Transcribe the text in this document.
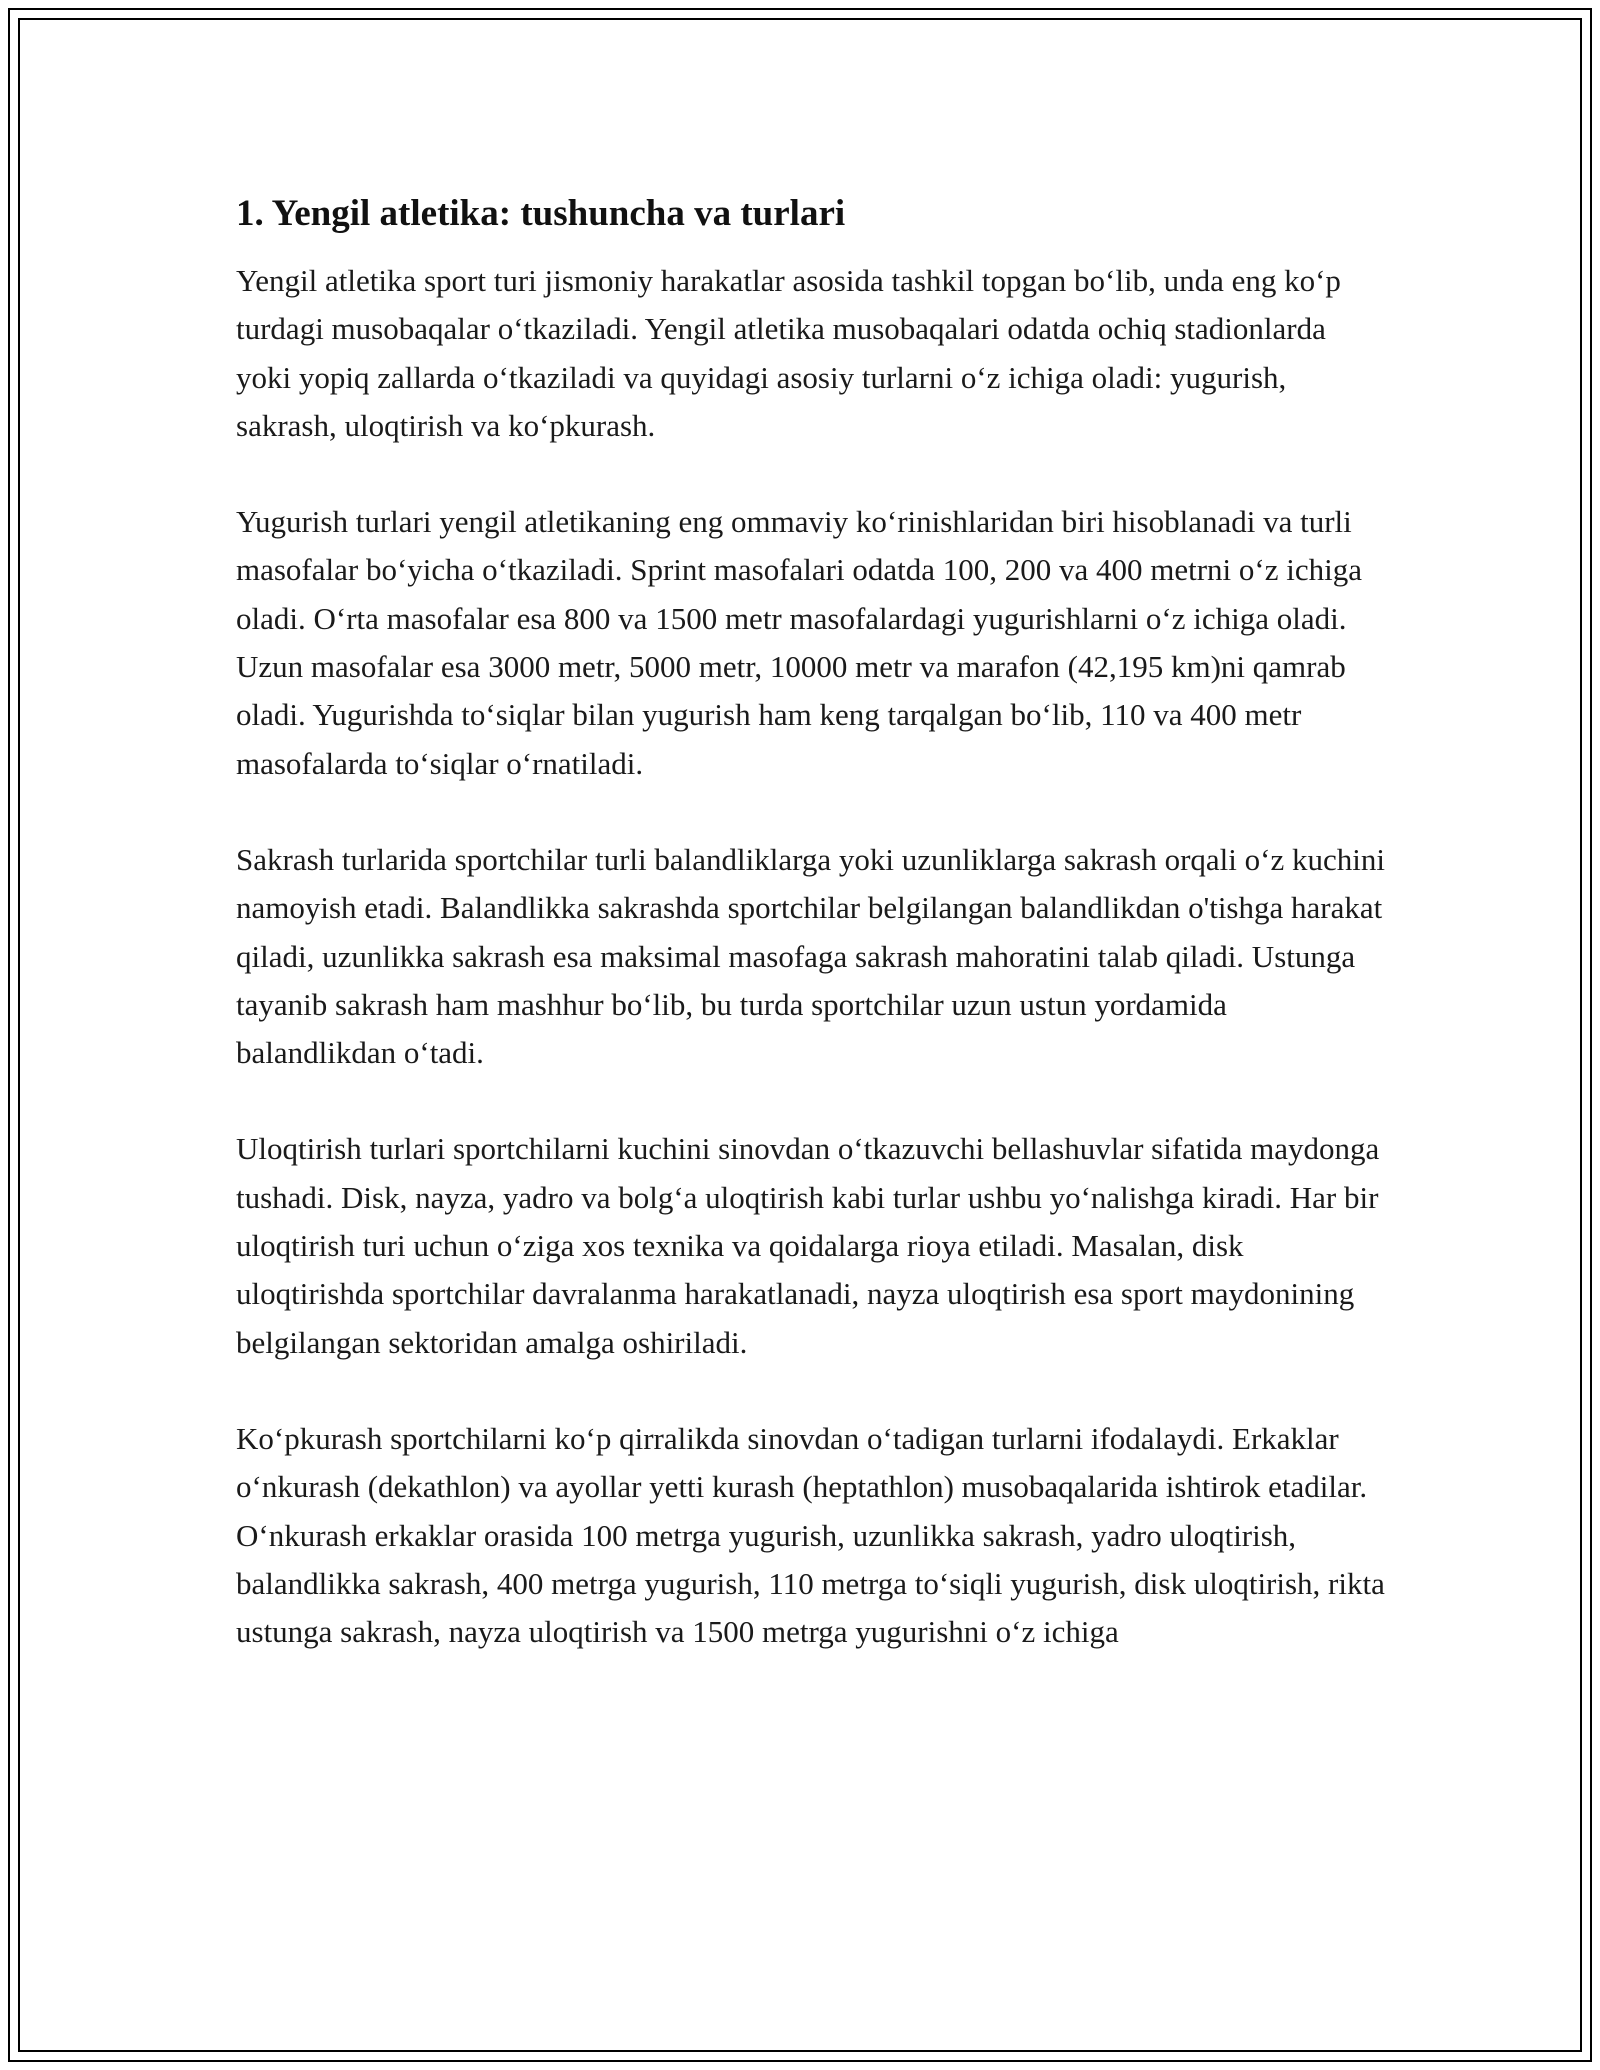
1. Yengil atletika: tushuncha va turlari

Yengil atletika sport turi jismoniy harakatlar asosida tashkil topgan bo‘lib, unda eng ko‘p turdagi musobaqalar o‘tkaziladi. Yengil atletika musobaqalari odatda ochiq stadionlarda yoki yopiq zallarda o‘tkaziladi va quyidagi asosiy turlarni o‘z ichiga oladi: yugurish, sakrash, uloqtirish va ko‘pkurash.

Yugurish turlari yengil atletikaning eng ommaviy ko‘rinishlaridan biri hisoblanadi va turli masofalar bo‘yicha o‘tkaziladi. Sprint masofalari odatda 100, 200 va 400 metrni o‘z ichiga oladi. O‘rta masofalar esa 800 va 1500 metr masofalardagi yugurishlarni o‘z ichiga oladi. Uzun masofalar esa 3000 metr, 5000 metr, 10000 metr va marafon (42,195 km)ni qamrab oladi. Yugurishda to‘siqlar bilan yugurish ham keng tarqalgan bo‘lib, 110 va 400 metr masofalarda to‘siqlar o‘rnatiladi.

Sakrash turlarida sportchilar turli balandliklarga yoki uzunliklarga sakrash orqali o‘z kuchini namoyish etadi. Balandlikka sakrashda sportchilar belgilangan balandlikdan o'tishga harakat qiladi, uzunlikka sakrash esa maksimal masofaga sakrash mahoratini talab qiladi. Ustunga tayanib sakrash ham mashhur bo‘lib, bu turda sportchilar uzun ustun yordamida balandlikdan o‘tadi.

Uloqtirish turlari sportchilarni kuchini sinovdan o‘tkazuvchi bellashuvlar sifatida maydonga tushadi. Disk, nayza, yadro va bolg‘a uloqtirish kabi turlar ushbu yo‘nalishga kiradi. Har bir uloqtirish turi uchun o‘ziga xos texnika va qoidalarga rioya etiladi. Masalan, disk uloqtirishda sportchilar davralanma harakatlanadi, nayza uloqtirish esa sport maydonining belgilangan sektoridan amalga oshiriladi.

Ko‘pkurash sportchilarni ko‘p qirralikda sinovdan o‘tadigan turlarni ifodalaydi. Erkaklar o‘nkurash (dekathlon) va ayollar yetti kurash (heptathlon) musobaqalarida ishtirok etadilar. O‘nkurash erkaklar orasida 100 metrga yugurish, uzunlikka sakrash, yadro uloqtirish, balandlikka sakrash, 400 metrga yugurish, 110 metrga to‘siqli yugurish, disk uloqtirish, rikta ustunga sakrash, nayza uloqtirish va 1500 metrga yugurishni o‘z ichiga
